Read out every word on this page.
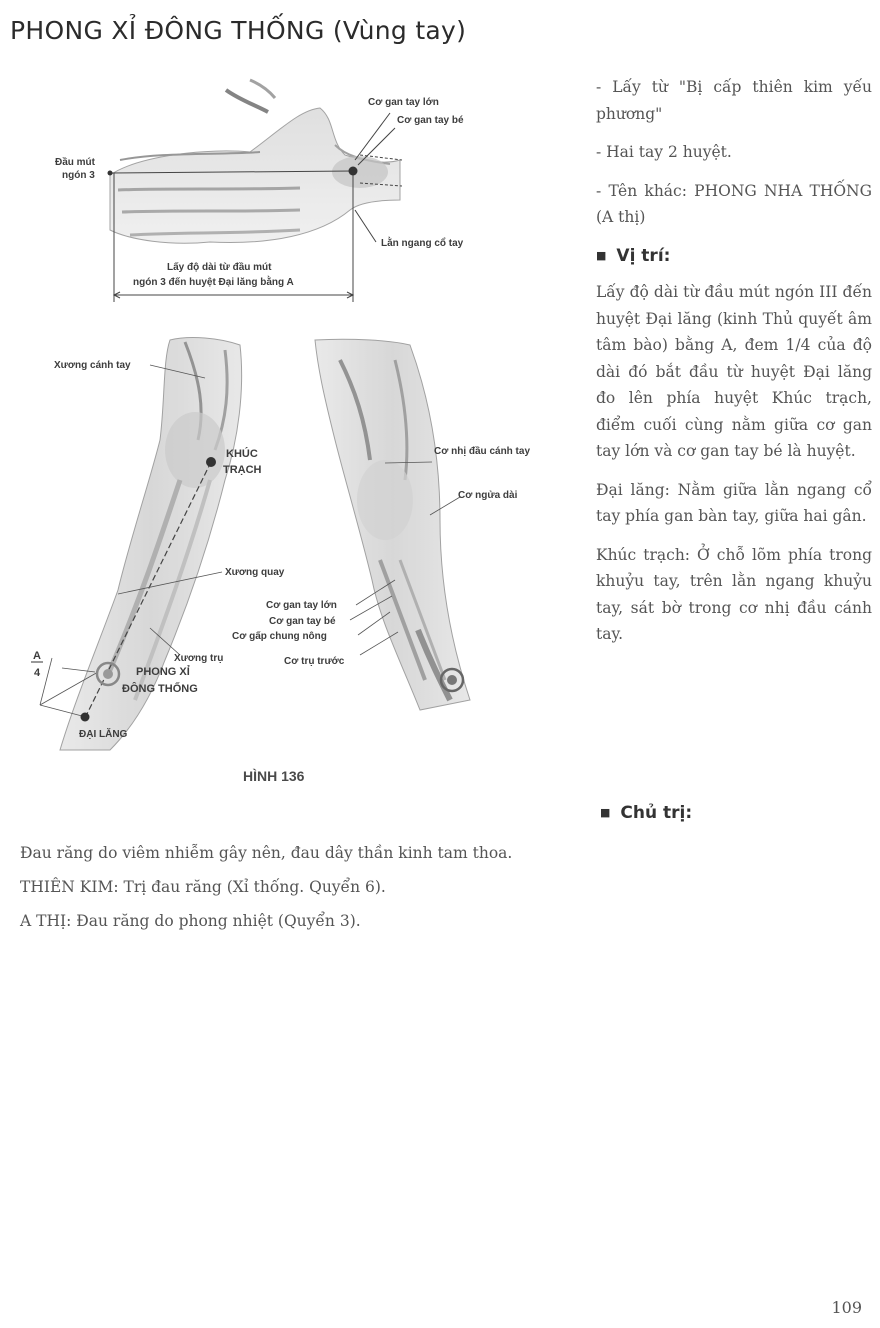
PHONG XỈ ĐÔNG THỐNG (Vùng tay)
Cơ gan tay lớn
Cơ gan tay bé
Đầu mút
ngón 3
Lằn ngang cổ tay
Lấy độ dài từ đầu mút
ngón 3 đến huyệt Đại lăng bằng A
Xương cánh tay
KHÚC
TRẠCH
Cơ nhị đầu cánh tay
Cơ ngửa dài
Xương quay
Cơ gan tay lớn
Cơ gan tay bé
Cơ gấp chung nông
Xương trụ	Cơ trụ trước
A
4	PHONG XỈ
ĐÔNG THỐNG
ĐẠI LĂNG
HÌNH 136

- Lấy từ "Bị cấp thiên kim yếu phương"

- Hai tay 2 huyệt.

- Tên khác: PHONG NHA THỐNG (A thị)

■ Vị trí:

Lấy độ dài từ đầu mút ngón III đến huyệt Đại lăng (kinh Thủ quyết âm tâm bào) bằng A, đem 1/4 của độ dài đó bắt đầu từ huyệt Đại lăng đo lên phía huyệt Khúc trạch, điểm cuối cùng nằm giữa cơ gan tay lớn và cơ gan tay bé là huyệt.

Đại lăng: Nằm giữa lằn ngang cổ tay phía gan bàn tay, giữa hai gân.

Khúc trạch: Ở chỗ lõm phía trong khuỷu tay, trên lằn ngang khuỷu tay, sát bờ trong cơ nhị đầu cánh tay.

■ Chủ trị:

Đau răng do viêm nhiễm gây nên, đau dây thần kinh tam thoa.

THIÊN KIM: Trị đau răng (Xỉ thống. Quyển 6).

A THỊ: Đau răng do phong nhiệt (Quyển 3).

109
